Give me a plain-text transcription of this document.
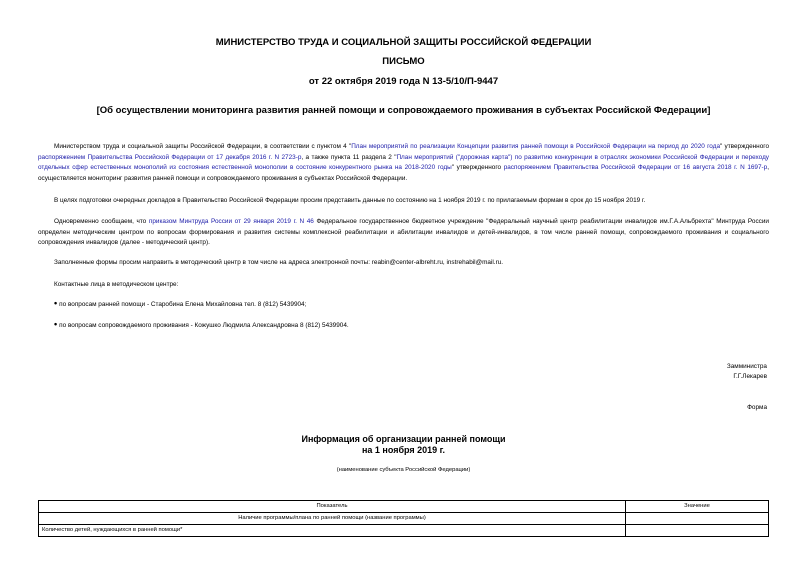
МИНИСТЕРСТВО ТРУДА И СОЦИАЛЬНОЙ ЗАЩИТЫ РОССИЙСКОЙ ФЕДЕРАЦИИ
ПИСЬМО
от 22 октября 2019 года N 13-5/10/П-9447
[Об осуществлении мониторинга развития ранней помощи и сопровождаемого проживания в субъектах Российской Федерации]
Министерством труда и социальной защиты Российской Федерации, в соответствии с пунктом 4 "План мероприятий по реализации Концепции развития ранней помощи в Российской Федерации на период до 2020 года" утвержденного распоряжением Правительства Российской Федерации от 17 декабря 2016 г. N 2723-р, а также пункта 11 раздела 2 "План мероприятий ("дорожная карта") по развитию конкуренции в отраслях экономики Российской Федерации и переходу отдельных сфер естественных монополий из состояния естественной монополии в состояние конкурентного рынка на 2018-2020 годы" утвержденного распоряжением Правительства Российской Федерации от 16 августа 2018 г. N 1697-р, осуществляется мониторинг развития ранней помощи и сопровождаемого проживания в субъектах Российской Федерации.
В целях подготовки очередных докладов в Правительство Российской Федерации просим представить данные по состоянию на 1 ноября 2019 г. по прилагаемым формам в срок до 15 ноября 2019 г.
Одновременно сообщаем, что приказом Минтруда России от 29 января 2019 г. N 46 Федеральное государственное бюджетное учреждение "Федеральный научный центр реабилитации инвалидов им.Г.А.Альбрехта" Минтруда России определен методическим центром по вопросам формирования и развития системы комплексной реабилитации и абилитации инвалидов и детей-инвалидов, в том числе ранней помощи, сопровождаемого проживания и социального сопровождения инвалидов (далее - методический центр).
Заполненные формы просим направить в методический центр в том числе на адреса электронной почты: reabin@center-albreht.ru, instrehabil@mail.ru.
Контактные лица в методическом центре:
• по вопросам ранней помощи - Старобина Елена Михайловна тел. 8 (812) 5439904;
• по вопросам сопровождаемого проживания - Кожушко Людмила Александровна 8 (812) 5439904.
Замминистра
Г.Г.Лекарев
Форма
Информация об организации ранней помощи
на 1 ноября 2019 г.
(наименование субъекта Российской Федерации)
Показатель	Значение
Наличие программы/плана по ранней помощи (название программы)	
Количество детей, нуждающихся в ранней помощи*	
